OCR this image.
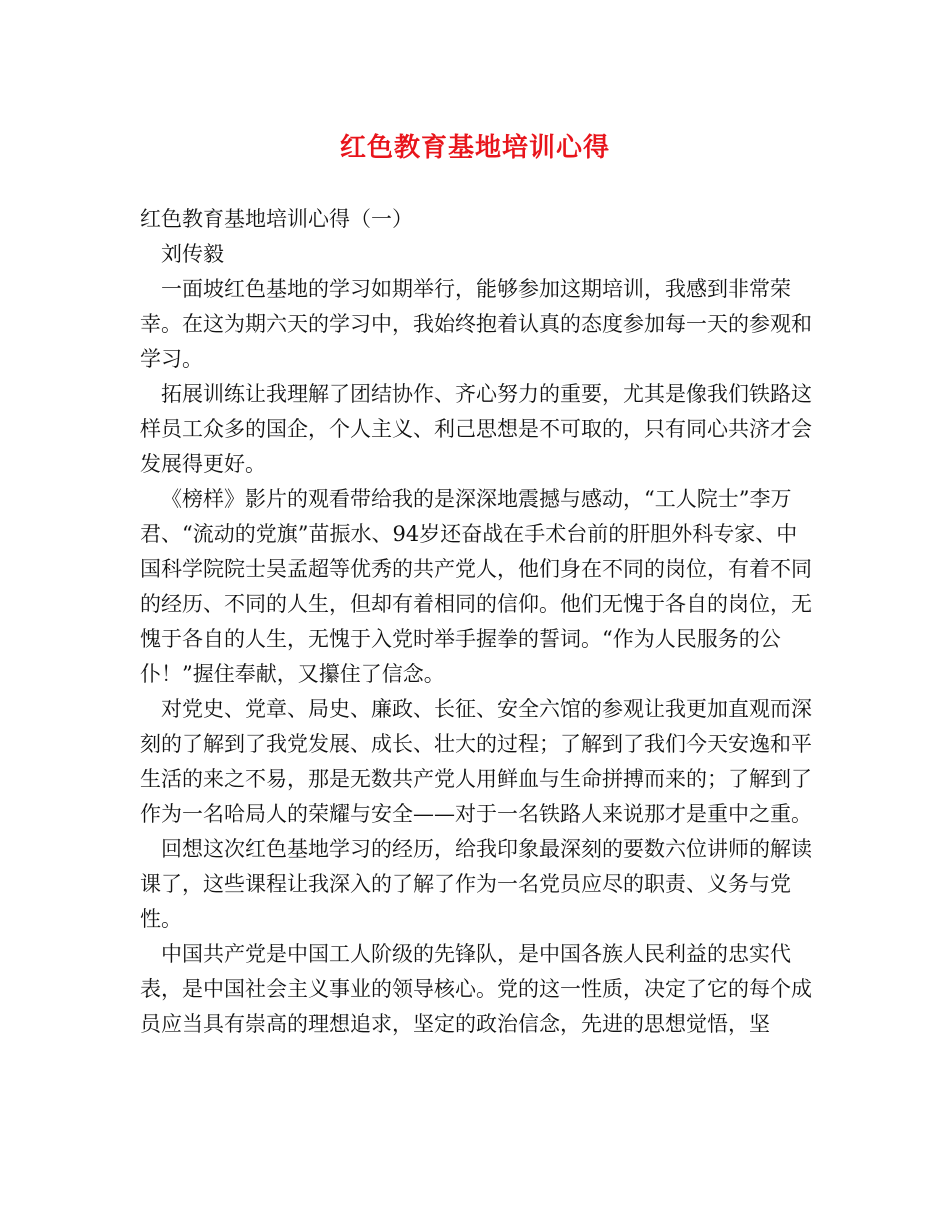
红色教育基地培训心得

红色教育基地培训心得（一）

刘传毅

一面坡红色基地的学习如期举行，能够参加这期培训，我感到非常荣幸。在这为期六天的学习中，我始终抱着认真的态度参加每一天的参观和学习。

拓展训练让我理解了团结协作、齐心努力的重要，尤其是像我们铁路这样员工众多的国企，个人主义、利己思想是不可取的，只有同心共济才会发展得更好。

《榜样》影片的观看带给我的是深深地震撼与感动，“工人院士”李万君、“流动的党旗”苗振水、94岁还奋战在手术台前的肝胆外科专家、中国科学院院士吴孟超等优秀的共产党人，他们身在不同的岗位，有着不同的经历、不同的人生，但却有着相同的信仰。他们无愧于各自的岗位，无愧于各自的人生，无愧于入党时举手握拳的誓词。“作为人民服务的公仆！”握住奉献，又攥住了信念。

对党史、党章、局史、廉政、长征、安全六馆的参观让我更加直观而深刻的了解到了我党发展、成长、壮大的过程；了解到了我们今天安逸和平生活的来之不易，那是无数共产党人用鲜血与生命拼搏而来的；了解到了作为一名哈局人的荣耀与安全——对于一名铁路人来说那才是重中之重。

回想这次红色基地学习的经历，给我印象最深刻的要数六位讲师的解读课了，这些课程让我深入的了解了作为一名党员应尽的职责、义务与党性。

中国共产党是中国工人阶级的先锋队，是中国各族人民利益的忠实代表，是中国社会主义事业的领导核心。党的这一性质，决定了它的每个成员应当具有崇高的理想追求，坚定的政治信念，先进的思想觉悟，坚
